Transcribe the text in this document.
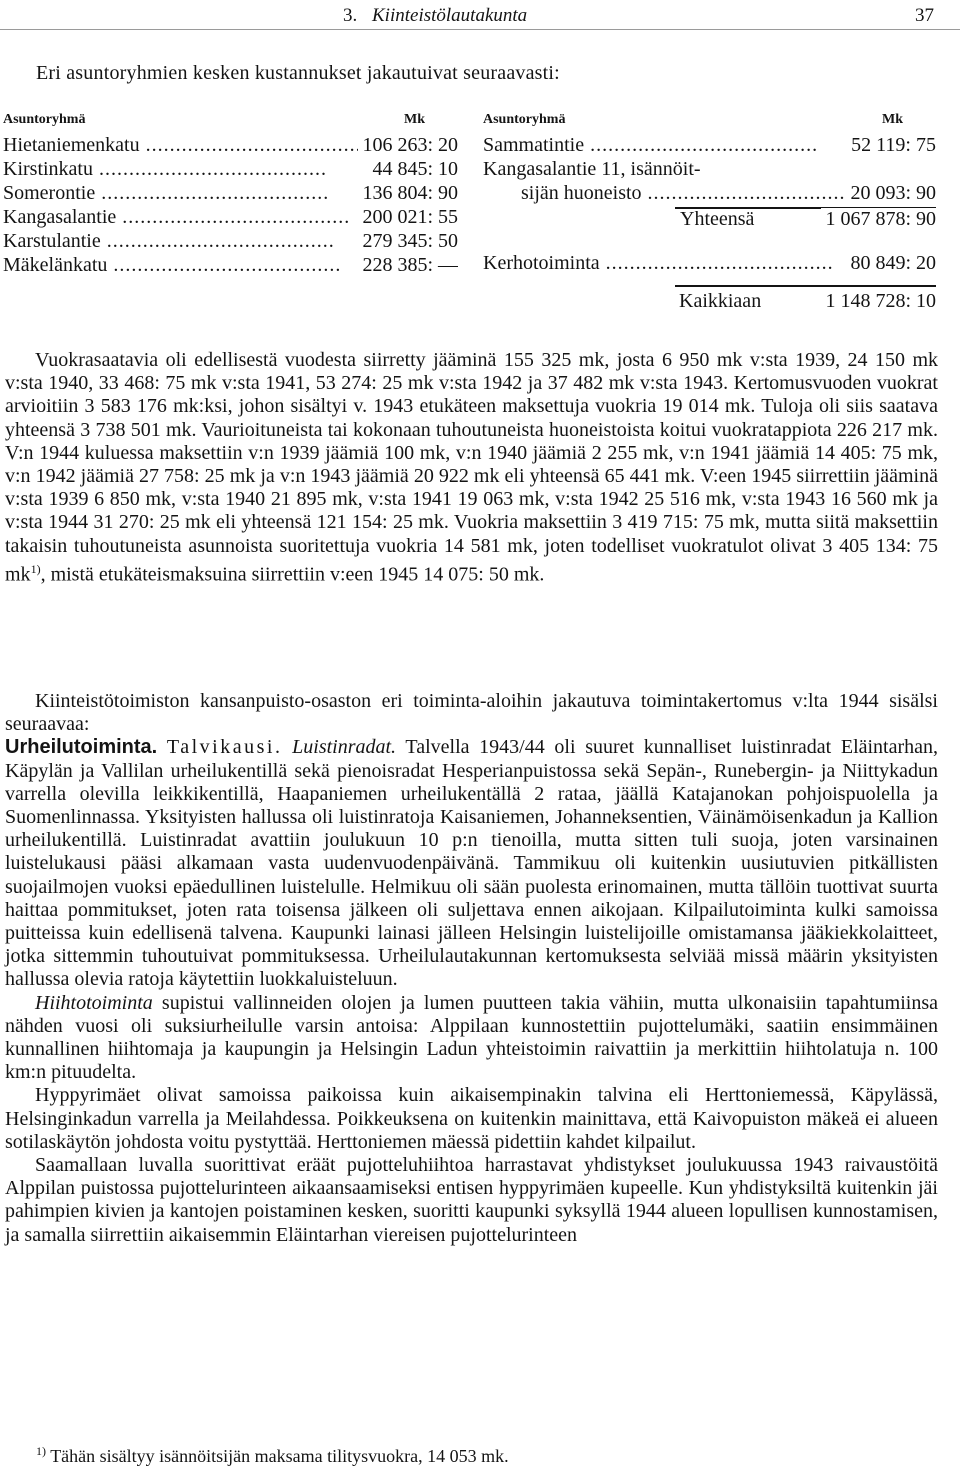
3. Kiinteistölautakunta	37
Eri asuntoryhmien kesken kustannukset jakautuivat seuraavasti:
Asuntoryhmä	Mk
Hietaniemenkatu .....	106 263: 20
Kirstinkatu .....	44 845: 10
Somerontie .....	136 804: 90
Kangasalantie .....	200 021: 55
Karstulantie .....	279 345: 50
Mäkelänkatu .....	228 385: —
Asuntoryhmä	Mk
Sammatintie .....	52 119: 75
Kangasalantie 11, isännöit-
sijän huoneisto .....	20 093: 90
Yhteensä	1 067 878: 90
Kerhotoiminta .....	80 849: 20
Kaikkiaan	1 148 728: 10

Vuokrasaatavia oli edellisestä vuodesta siirretty jääminä 155 325 mk, josta 6 950 mk v:sta 1939, 24 150 mk v:sta 1940, 33 468: 75 mk v:sta 1941, 53 274: 25 mk v:sta 1942 ja 37 482 mk v:sta 1943. Kertomusvuoden vuokrat arvioitiin 3 583 176 mk:ksi, johon sisältyi v. 1943 etukäteen maksettuja vuokria 19 014 mk. Tuloja oli siis saatava yhteensä 3 738 501 mk. Vaurioituneista tai kokonaan tuhoutuneista huoneistoista koitui vuokratappiota 226 217 mk. V:n 1944 kuluessa maksettiin v:n 1939 jäämiä 100 mk, v:n 1940 jäämiä 2 255 mk, v:n 1941 jäämiä 14 405: 75 mk, v:n 1942 jäämiä 27 758: 25 mk ja v:n 1943 jäämiä 20 922 mk eli yhteensä 65 441 mk. V:een 1945 siirrettiin jääminä v:sta 1939 6 850 mk, v:sta 1940 21 895 mk, v:sta 1941 19 063 mk, v:sta 1942 25 516 mk, v:sta 1943 16 560 mk ja v:sta 1944 31 270: 25 mk eli yhteensä 121 154: 25 mk. Vuokria maksettiin 3 419 715: 75 mk, mutta siitä maksettiin takaisin tuhoutuneista asunnoista suoritettuja vuokria 14 581 mk, joten todelliset vuokratulot olivat 3 405 134: 75 mk$^{1)}$, mistä etukäteismaksuina siirrettiin v:een 1945 14 075: 50 mk.

Kiinteistötoimiston kansanpuisto-osaston eri toiminta-aloihin jakautuva toimintakertomus v:lta 1944 sisälsi seuraavaa:

Urheilutoiminta. Talvikausi. Luistinradat. Talvella 1943/44 oli suuret kunnalliset luistinradat Eläintarhan, Käpylän ja Vallilan urheilukentillä sekä pienoisradat Hesperianpuistossa sekä Sepän-, Runebergin- ja Niittykadun varrella olevilla leikkikentillä, Haapaniemen urheilukentällä 2 rataa, jäällä Katajanokan pohjoispuolella ja Suomenlinnassa. Yksityisten hallussa oli luistinratoja Kaisaniemen, Johanneksentien, Väinämöisenkadun ja Kallion urheilukentillä. Luistinradat avattiin joulukuun 10 p:n tienoilla, mutta sitten tuli suoja, joten varsinainen luistelukausi pääsi alkamaan vasta uudenvuodenpäivänä. Tammikuu oli kuitenkin uusiutuvien pitkällisten suojailmojen vuoksi epäedullinen luistelulle. Helmikuu oli sään puolesta erinomainen, mutta tällöin tuottivat suurta haittaa pommitukset, joten rata toisensa jälkeen oli suljettava ennen aikojaan. Kilpailutoiminta kulki samoissa puitteissa kuin edellisenä talvena. Kaupunki lainasi jälleen Helsingin luistelijoille omistamansa jääkiekkolaitteet, jotka sittemmin tuhoutuivat pommituksessa. Urheilulautakunnan kertomuksesta selviää missä määrin yksityisten hallussa olevia ratoja käytettiin luokkaluisteluun.

Hiihtotoiminta supistui vallinneiden olojen ja lumen puutteen takia vähiin, mutta ulkonaisiin tapahtumiinsa nähden vuosi oli suksiurheilulle varsin antoisa: Alppilaan kunnostettiin pujottelumäki, saatiin ensimmäinen kunnallinen hiihtomaja ja kaupungin ja Helsingin Ladun yhteistoimin raivattiin ja merkittiin hiihtolatuja n. 100 km:n pituudelta.

Hyppyrimäet olivat samoissa paikoissa kuin aikaisempinakin talvina eli Herttoniemessä, Käpylässä, Helsinginkadun varrella ja Meilahdessa. Poikkeuksena on kuitenkin mainittava, että Kaivopuiston mäkeä ei alueen sotilaskäytön johdosta voitu pystyttää. Herttoniemen mäessä pidettiin kahdet kilpailut.

Saamallaan luvalla suorittivat eräät pujotteluhiihtoa harrastavat yhdistykset joulukuussa 1943 raivaustöitä Alppilan puistossa pujottelurinteen aikaansaamiseksi entisen hyppyrimäen kupeelle. Kun yhdistyksiltä kuitenkin jäi pahimpien kivien ja kantojen poistaminen kesken, suoritti kaupunki syksyllä 1944 alueen lopullisen kunnostamisen, ja samalla siirrettiin aikaisemmin Eläintarhan viereisen pujottelurinteen

$^{1)}$ Tähän sisältyy isännöitsijän maksama tilitysvuokra, 14 053 mk.
